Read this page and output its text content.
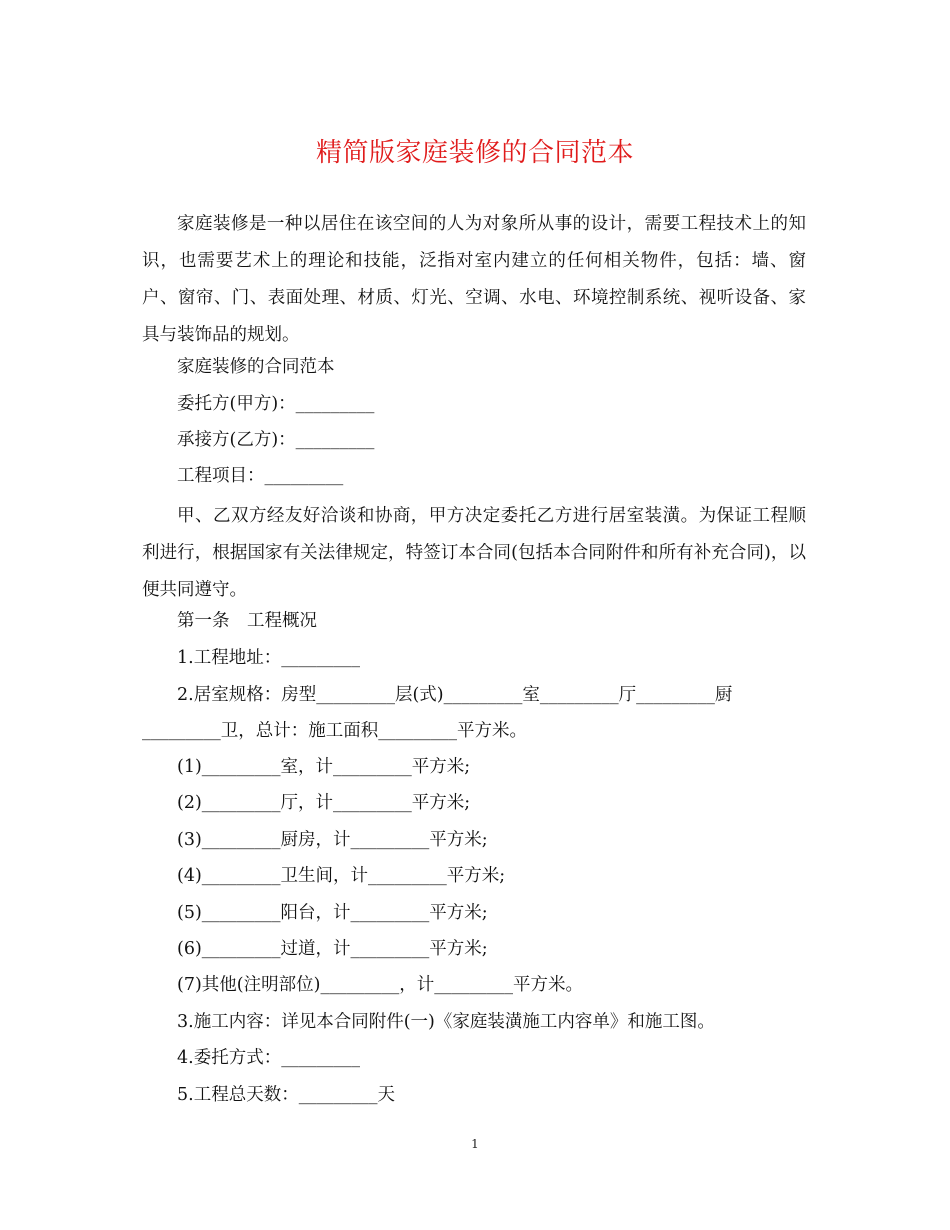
精简版家庭装修的合同范本

家庭装修是一种以居住在该空间的人为对象所从事的设计，需要工程技术上的知识，也需要艺术上的理论和技能，泛指对室内建立的任何相关物件，包括：墙、窗户、窗帘、门、表面处理、材质、灯光、空调、水电、环境控制系统、视听设备、家具与装饰品的规划。

家庭装修的合同范本
委托方(甲方)：_________
承接方(乙方)：_________
工程项目：_________

甲、乙双方经友好洽谈和协商，甲方决定委托乙方进行居室装潢。为保证工程顺利进行，根据国家有关法律规定，特签订本合同(包括本合同附件和所有补充合同)，以便共同遵守。

第一条　工程概况
1.工程地址：_________
2.居室规格：房型_________层(式)_________室_________厅_________厨
_________卫，总计：施工面积_________平方米。
(1)_________室，计_________平方米;
(2)_________厅，计_________平方米;
(3)_________厨房，计_________平方米;
(4)_________卫生间，计_________平方米;
(5)_________阳台，计_________平方米;
(6)_________过道，计_________平方米;
(7)其他(注明部位)_________，计_________平方米。
3.施工内容：详见本合同附件(一)《家庭装潢施工内容单》和施工图。
4.委托方式：_________
5.工程总天数：_________天
1
